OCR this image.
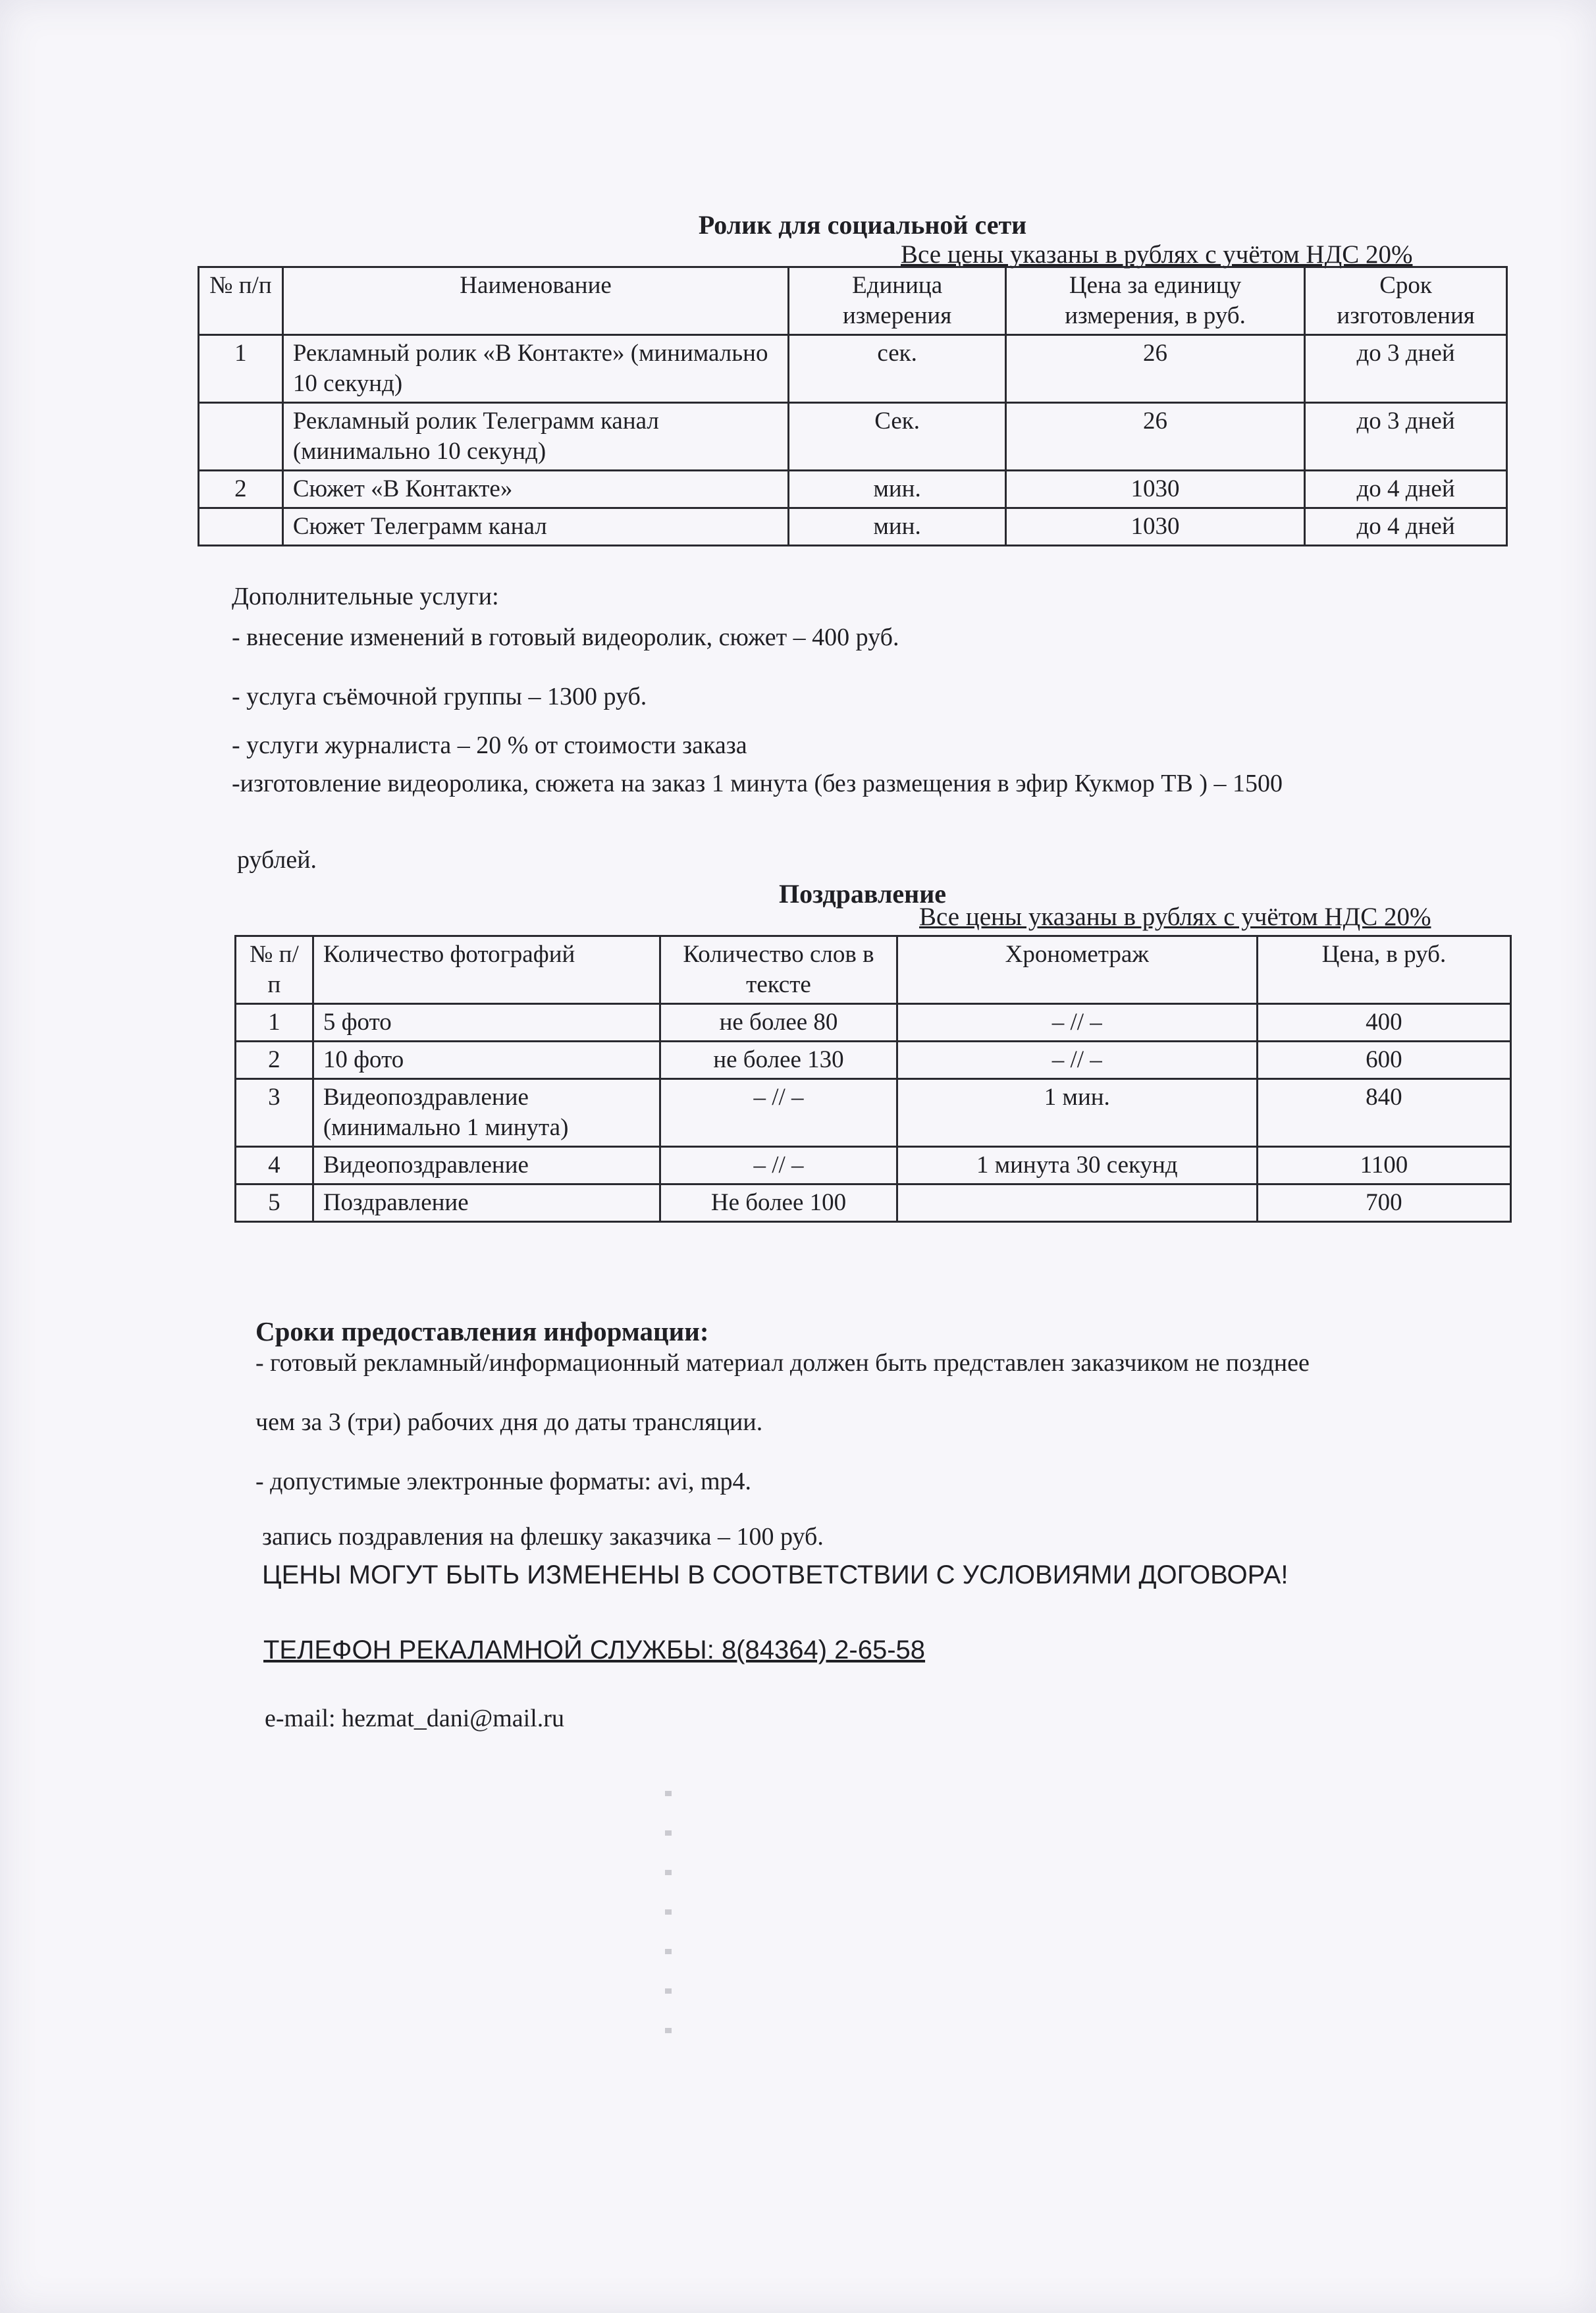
Ролик для социальной сети
Все цены указаны в рублях с учётом НДС 20%
№ п/п	Наименование	Единица измерения	Цена за единицу измерения, в руб.	Срок изготовления
1	Рекламный ролик «В Контакте» (минимально 10 секунд)	сек.	26	до 3 дней
	Рекламный ролик Телеграмм канал (минимально 10 секунд)	Сек.	26	до 3 дней
2	Сюжет «В Контакте»	мин.	1030	до 4 дней
	Сюжет Телеграмм канал	мин.	1030	до 4 дней
Дополнительные услуги:
- внесение изменений в готовый видеоролик, сюжет – 400 руб.
- услуга съёмочной группы – 1300 руб.
- услуги журналиста – 20 % от стоимости заказа
-изготовление видеоролика, сюжета на заказ 1 минута (без размещения в эфир Кукмор ТВ ) – 1500
рублей.
Поздравление
Все цены указаны в рублях с учётом НДС 20%
№ п/п	Количество фотографий	Количество слов в тексте	Хронометраж	Цена, в руб.
1	5 фото	не более 80	– // –	400
2	10 фото	не более 130	– // –	600
3	Видеопоздравление (минимально 1 минута)	– // –	1 мин.	840
4	Видеопоздравление	– // –	1 минута 30 секунд	1100
5	Поздравление	Не более 100		700
Сроки предоставления информации:
- готовый рекламный/информационный материал должен быть представлен заказчиком не позднее
чем за 3 (три) рабочих дня до даты трансляции.
- допустимые электронные форматы: avi, mp4.
запись поздравления на флешку заказчика – 100 руб.
ЦЕНЫ МОГУТ БЫТЬ ИЗМЕНЕНЫ В СООТВЕТСТВИИ С УСЛОВИЯМИ ДОГОВОРА!
ТЕЛЕФОН РЕКАЛАМНОЙ СЛУЖБЫ: 8(84364) 2-65-58
e-mail: hezmat_dani@mail.ru
